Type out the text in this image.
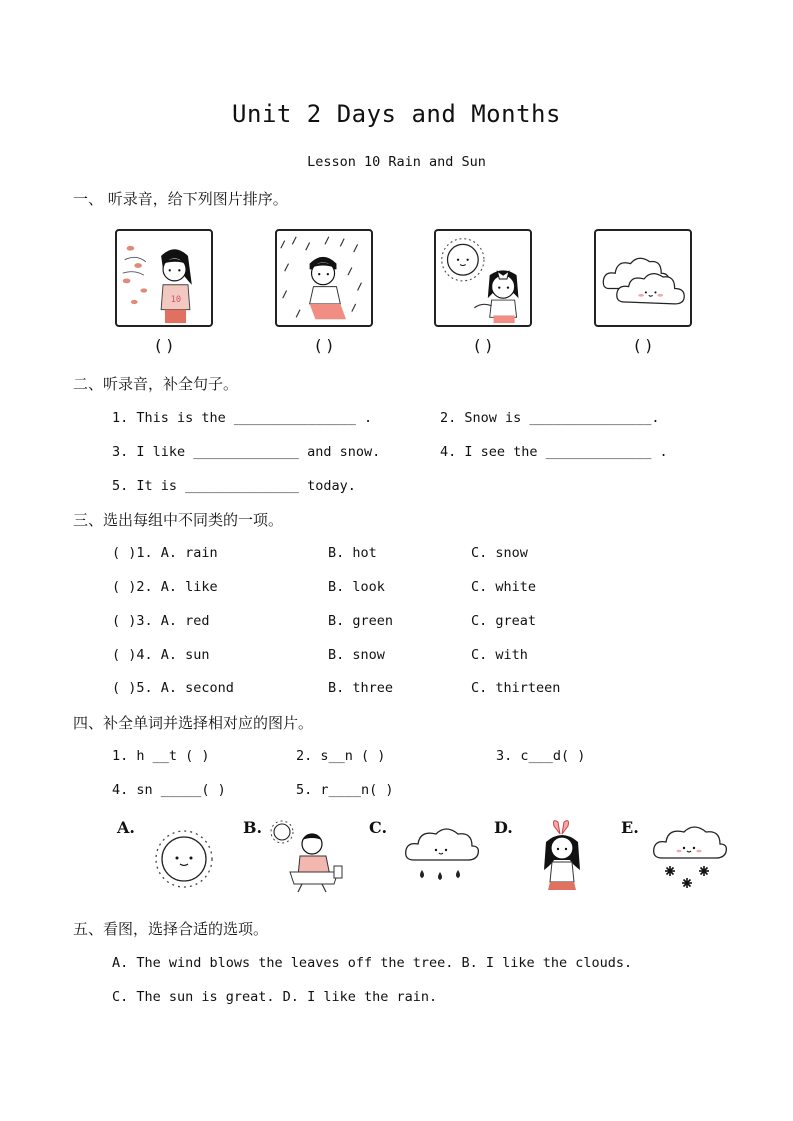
Unit 2 Days and Months
Lesson 10 Rain and Sun
一、 听录音，给下列图片排序。
10
( )	( )	( )	( )
二、听录音，补全句子。
1. This is the _______________ .	2. Snow is _______________.
3. I like _____________ and snow.	4. I see the _____________ .
5. It is ______________ today.
三、选出每组中不同类的一项。
( )1. A. rain	B. hot	C. snow
( )2. A. like	B. look	C. white
( )3. A. red	B. green	C. great
( )4. A. sun	B. snow	C. with
( )5. A. second	B. three	C. thirteen
四、补全单词并选择相对应的图片。
1. h __t ( )	2. s__n ( )	3. c___d( )
4. sn _____( )	5. r____n( )
A.	B.	C.	D.	E.
五、看图，选择合适的选项。
A. The wind blows the leaves off the tree. B. I like the clouds.
C. The sun is great. D. I like the rain.
